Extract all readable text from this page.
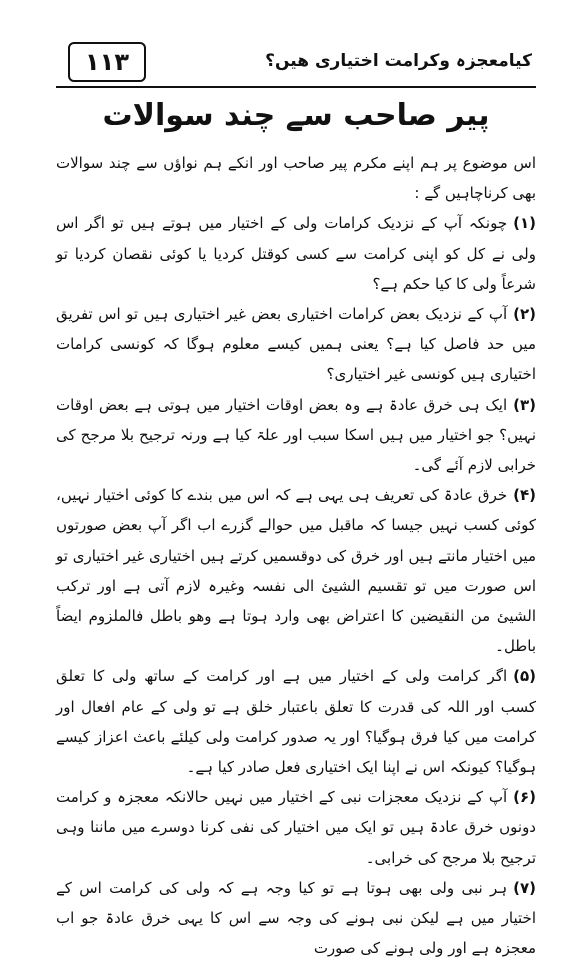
۱۱۳	کیامعجزہ وکرامت اختیاری ھیں؟
پیر صاحب سے چند سوالات

اس موضوع پر ہم اپنے مکرم پیر صاحب اور انکے ہم نواؤں سے چند سوالات بھی کرناچاہیں گے :

(۱)چونکہ آپ کے نزدیک کرامات ولی کے اختیار میں ہوتے ہیں تو اگر اس ولی نے کل کو اپنی کرامت سے کسی کوقتل کردیا یا کوئی نقصان کردیا تو شرعاً ولی کا کیا حکم ہے؟

(۲)آپ کے نزدیک بعض کرامات اختیاری بعض غیر اختیاری ہیں تو اس تفریق میں حد فاصل کیا ہے؟ یعنی ہمیں کیسے معلوم ہوگا کہ کونسی کرامات اختیاری ہیں کونسی غیر اختیاری؟

(۳)ایک ہی خرق عادۃ ہے وہ بعض اوقات اختیار میں ہوتی ہے بعض اوقات نہیں؟ جو اختیار میں ہیں اسکا سبب اور علۃ کیا ہے ورنہ ترجیح بلا مرجح کی خرابی لازم آئے گی۔

(۴)خرق عادۃ کی تعریف ہی یہی ہے کہ اس میں بندے کا کوئی اختیار نہیں، کوئی کسب نہیں جیسا کہ ماقبل میں حوالے گزرے اب اگر آپ بعض صورتوں میں اختیار مانتے ہیں اور خرق کی دوقسمیں کرتے ہیں اختیاری غیر اختیاری تو اس صورت میں تو تقسیم الشیئ الی نفسہ وغیرہ لازم آتی ہے اور ترکب الشیئ من النقیضین کا اعتراض بھی وارد ہوتا ہے وھو باطل فالملزوم ایضاً باطل۔

(۵)اگر کرامت ولی کے اختیار میں ہے اور کرامت کے ساتھ ولی کا تعلق کسب اور اللہ کی قدرت کا تعلق باعتبار خلق ہے تو ولی کے عام افعال اور کرامت میں کیا فرق ہوگیا؟ اور یہ صدور کرامت ولی کیلئے باعث اعزاز کیسے ہوگیا؟ کیونکہ اس نے اپنا ایک اختیاری فعل صادر کیا ہے۔

(۶)آپ کے نزدیک معجزات نبی کے اختیار میں نہیں حالانکہ معجزہ و کرامت دونوں خرق عادۃ ہیں تو ایک میں اختیار کی نفی کرنا دوسرے میں ماننا وہی ترجیح بلا مرجح کی خرابی۔

(۷)ہر نبی ولی بھی ہوتا ہے تو کیا وجہ ہے کہ ولی کی کرامت اس کے اختیار میں ہے لیکن نبی ہونے کی وجہ سے اس کا یہی خرق عادۃ جو اب معجزہ ہے اور ولی ہونے کی صورت
